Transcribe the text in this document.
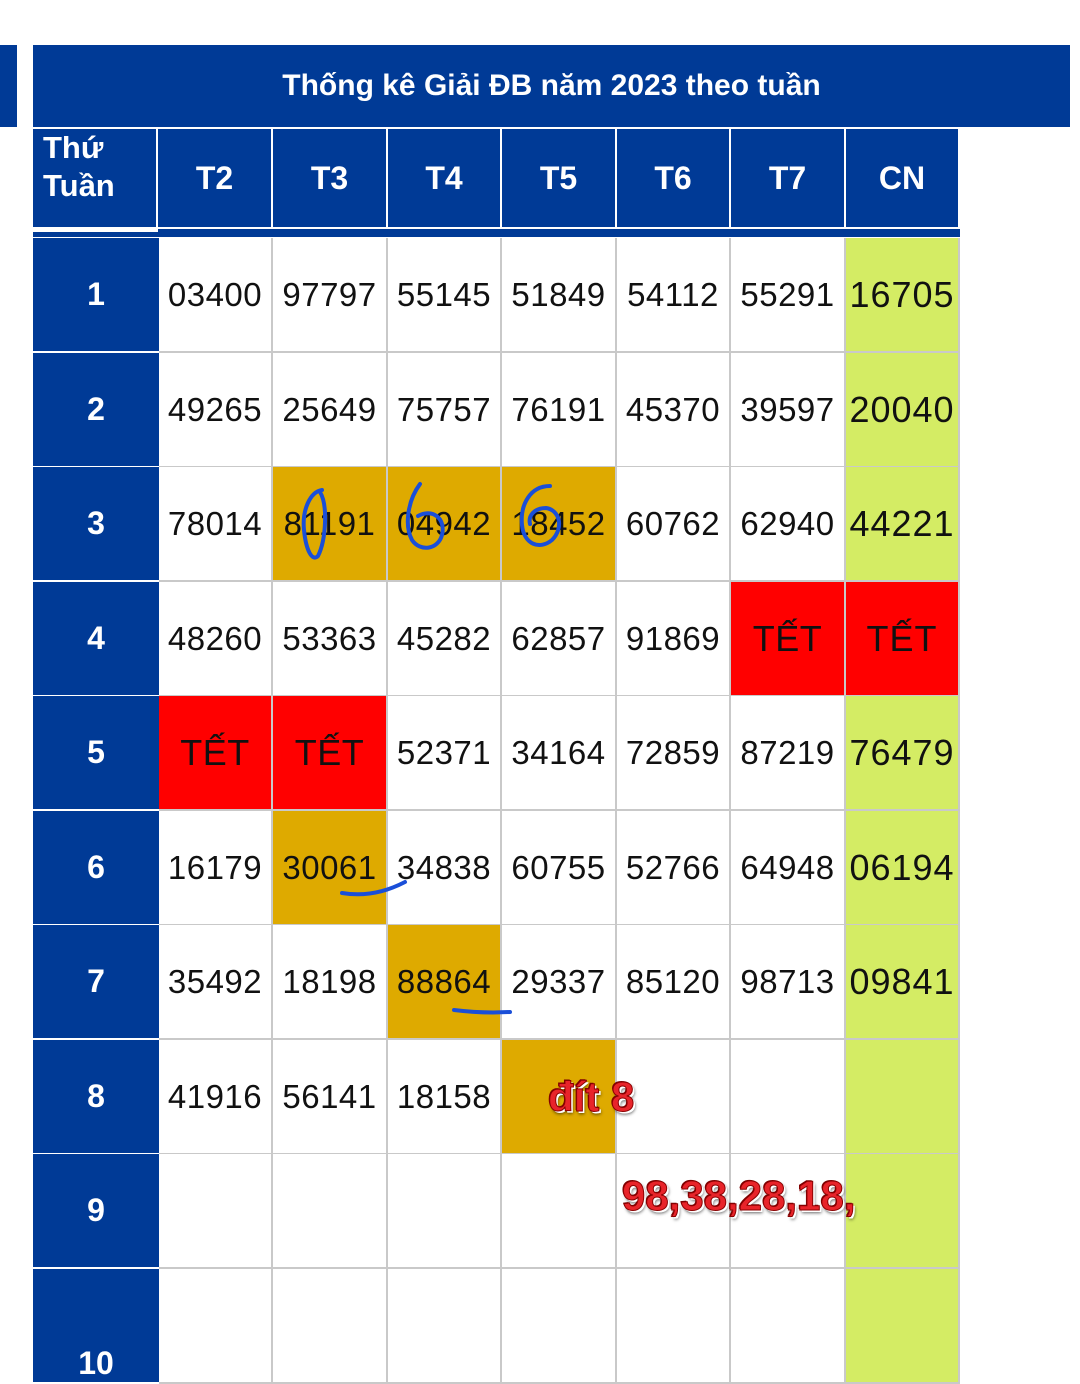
Thống kê Giải ĐB năm 2023 theo tuần
Thứ
Tuần	T2	T3	T4	T5	T6	T7	CN
1	03400 97797 55145 51849 54112 55291 16705
2	49265 25649 75757 76191 45370 39597 20040
3	78014 81191 04942 18452 60762 62940 44221
4	48260 53363 45282 62857 91869 TẾT	TẾT
5	TẾT	TẾT 52371 34164 72859 87219 76479
6	16179 30061 34838 60755 52766 64948 06194
7	35492 18198 88864 29337 85120 98713 09841
8	41916 56141 18158
9
10
đít 8
98,38,28,18,
